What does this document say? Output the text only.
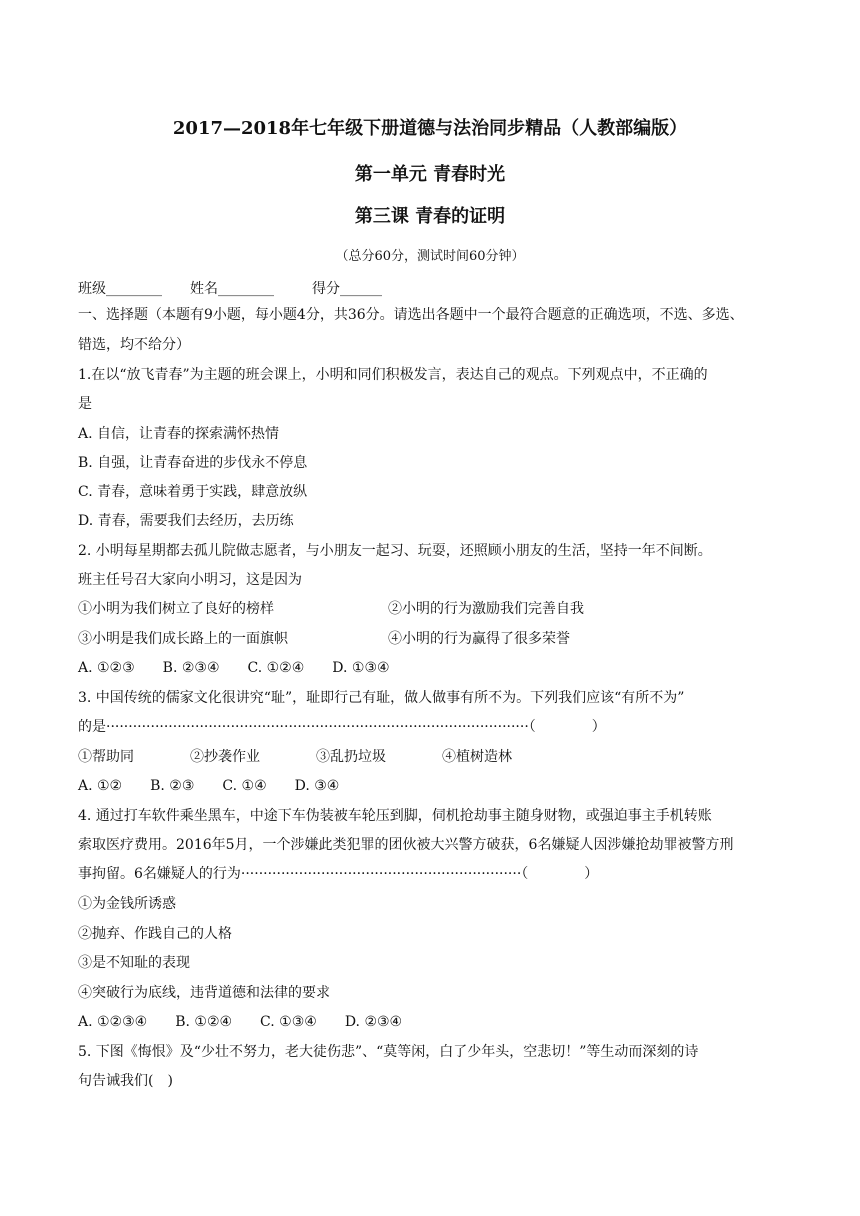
2017—2018年七年级下册道德与法治同步精品（人教部编版）
第一单元 青春时光
第三课 青春的证明
（总分60分，测试时间60分钟）
班级________ 姓名________	得分______
一、选择题（本题有9小题，每小题4分，共36分。请选出各题中一个最符合题意的正确选项，不选、多选、
错选，均不给分）
1.在以“放飞青春”为主题的班会课上，小明和同们积极发言，表达自己的观点。下列观点中，不正确的
是
A. 自信，让青春的探索满怀热情
B. 自强，让青春奋进的步伐永不停息
C. 青春，意味着勇于实践，肆意放纵
D. 青春，需要我们去经历，去历练
2. 小明每星期都去孤儿院做志愿者，与小朋友一起习、玩耍，还照顾小朋友的生活，坚持一年不间断。
班主任号召大家向小明习，这是因为
①小明为我们树立了良好的榜样	②小明的行为激励我们完善自我
③小明是我们成长路上的一面旗帜	④小明的行为赢得了很多荣誉
A. ①②③　　B. ②③④　　C. ①②④　　D. ①③④
3. 中国传统的儒家文化很讲究“耻”，耻即行己有耻，做人做事有所不为。下列我们应该“有所不为”
的是·······························································································（　　　　）
①帮助同　　　　②抄袭作业　　　　③乱扔垃圾　　　　④植树造林
A. ①②　　B. ②③　　C. ①④　　D. ③④
4. 通过打车软件乘坐黑车，中途下车伪装被车轮压到脚，伺机抢劫事主随身财物，或强迫事主手机转账
索取医疗费用。2016年5月，一个涉嫌此类犯罪的团伙被大兴警方破获，6名嫌疑人因涉嫌抢劫罪被警方刑
事拘留。6名嫌疑人的行为·······························································（　　　　）
①为金钱所诱惑
②抛弃、作践自己的人格
③是不知耻的表现
④突破行为底线，违背道德和法律的要求
A. ①②③④　　B. ①②④　　C. ①③④　　D. ②③④
5. 下图《悔恨》及“少壮不努力，老大徒伤悲”、“莫等闲，白了少年头，空悲切！”等生动而深刻的诗
句告诫我们(　)
